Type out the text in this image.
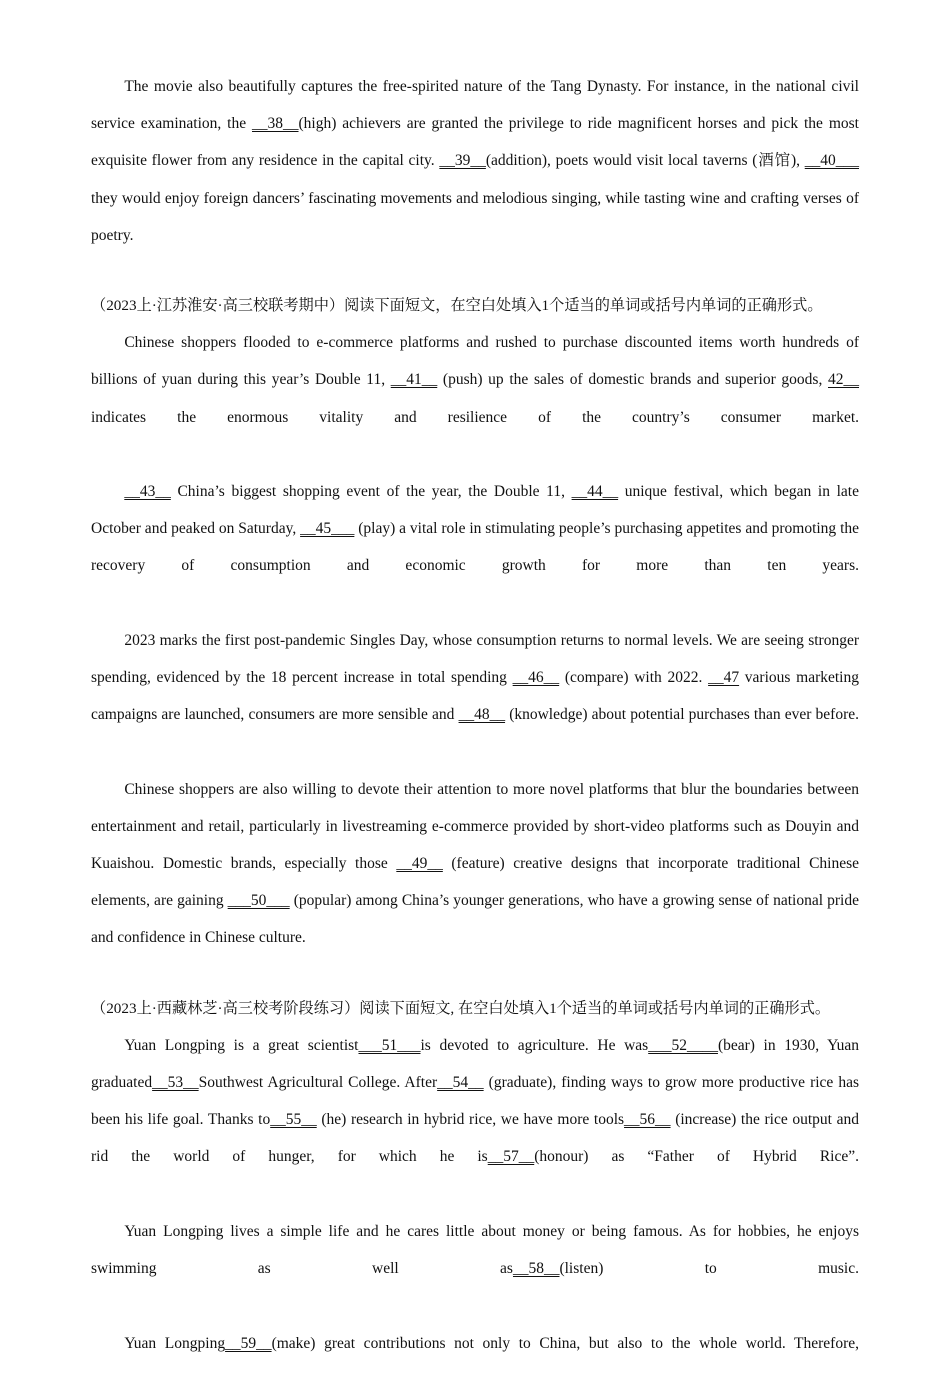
The movie also beautifully captures the free-spirited nature of the Tang Dynasty. For instance, in the national civil service examination, the __38__(high) achievers are granted the privilege to ride magnificent horses and pick the most exquisite flower from any residence in the capital city. __39__(addition), poets would visit local taverns (酒馆), __40___ they would enjoy foreign dancers’ fascinating movements and melodious singing, while tasting wine and crafting verses of poetry.

（2023上·江苏淮安·高三校联考期中）阅读下面短文，在空白处填入1个适当的单词或括号内单词的正确形式。

Chinese shoppers flooded to e-commerce platforms and rushed to purchase discounted items worth hundreds of billions of yuan during this year’s Double 11, __41__ (push) up the sales of domestic brands and superior goods, 42__ indicates the enormous vitality and resilience of the country’s consumer market.

__43__ China’s biggest shopping event of the year, the Double 11, __44__ unique festival, which began in late October and peaked on Saturday, __45___ (play) a vital role in stimulating people’s purchasing appetites and promoting the recovery of consumption and economic growth for more than ten years.

2023 marks the first post-pandemic Singles Day, whose consumption returns to normal levels. We are seeing stronger spending, evidenced by the 18 percent increase in total spending __46__ (compare) with 2022. __47 various marketing campaigns are launched, consumers are more sensible and __48__ (knowledge) about potential purchases than ever before.

Chinese shoppers are also willing to devote their attention to more novel platforms that blur the boundaries between entertainment and retail, particularly in livestreaming e-commerce provided by short-video platforms such as Douyin and Kuaishou. Domestic brands, especially those __49__ (feature) creative designs that incorporate traditional Chinese elements, are gaining ___50___ (popular) among China’s younger generations, who have a growing sense of national pride and confidence in Chinese culture.

（2023上·西藏林芝·高三校考阶段练习）阅读下面短文, 在空白处填入1个适当的单词或括号内单词的正确形式。

Yuan Longping is a great scientist___51___is devoted to agriculture. He was___52____(bear) in 1930, Yuan graduated__53__Southwest Agricultural College. After__54__ (graduate), finding ways to grow more productive rice has been his life goal. Thanks to__55__ (he) research in hybrid rice, we have more tools__56__ (increase) the rice output and rid the world of hunger, for which he is__57__(honour) as “Father of Hybrid Rice”.

Yuan Longping lives a simple life and he cares little about money or being famous. As for hobbies, he enjoys swimming as well as__58__(listen) to music.

Yuan Longping__59__(make) great contributions not only to China, but also to the whole world. Therefore,
